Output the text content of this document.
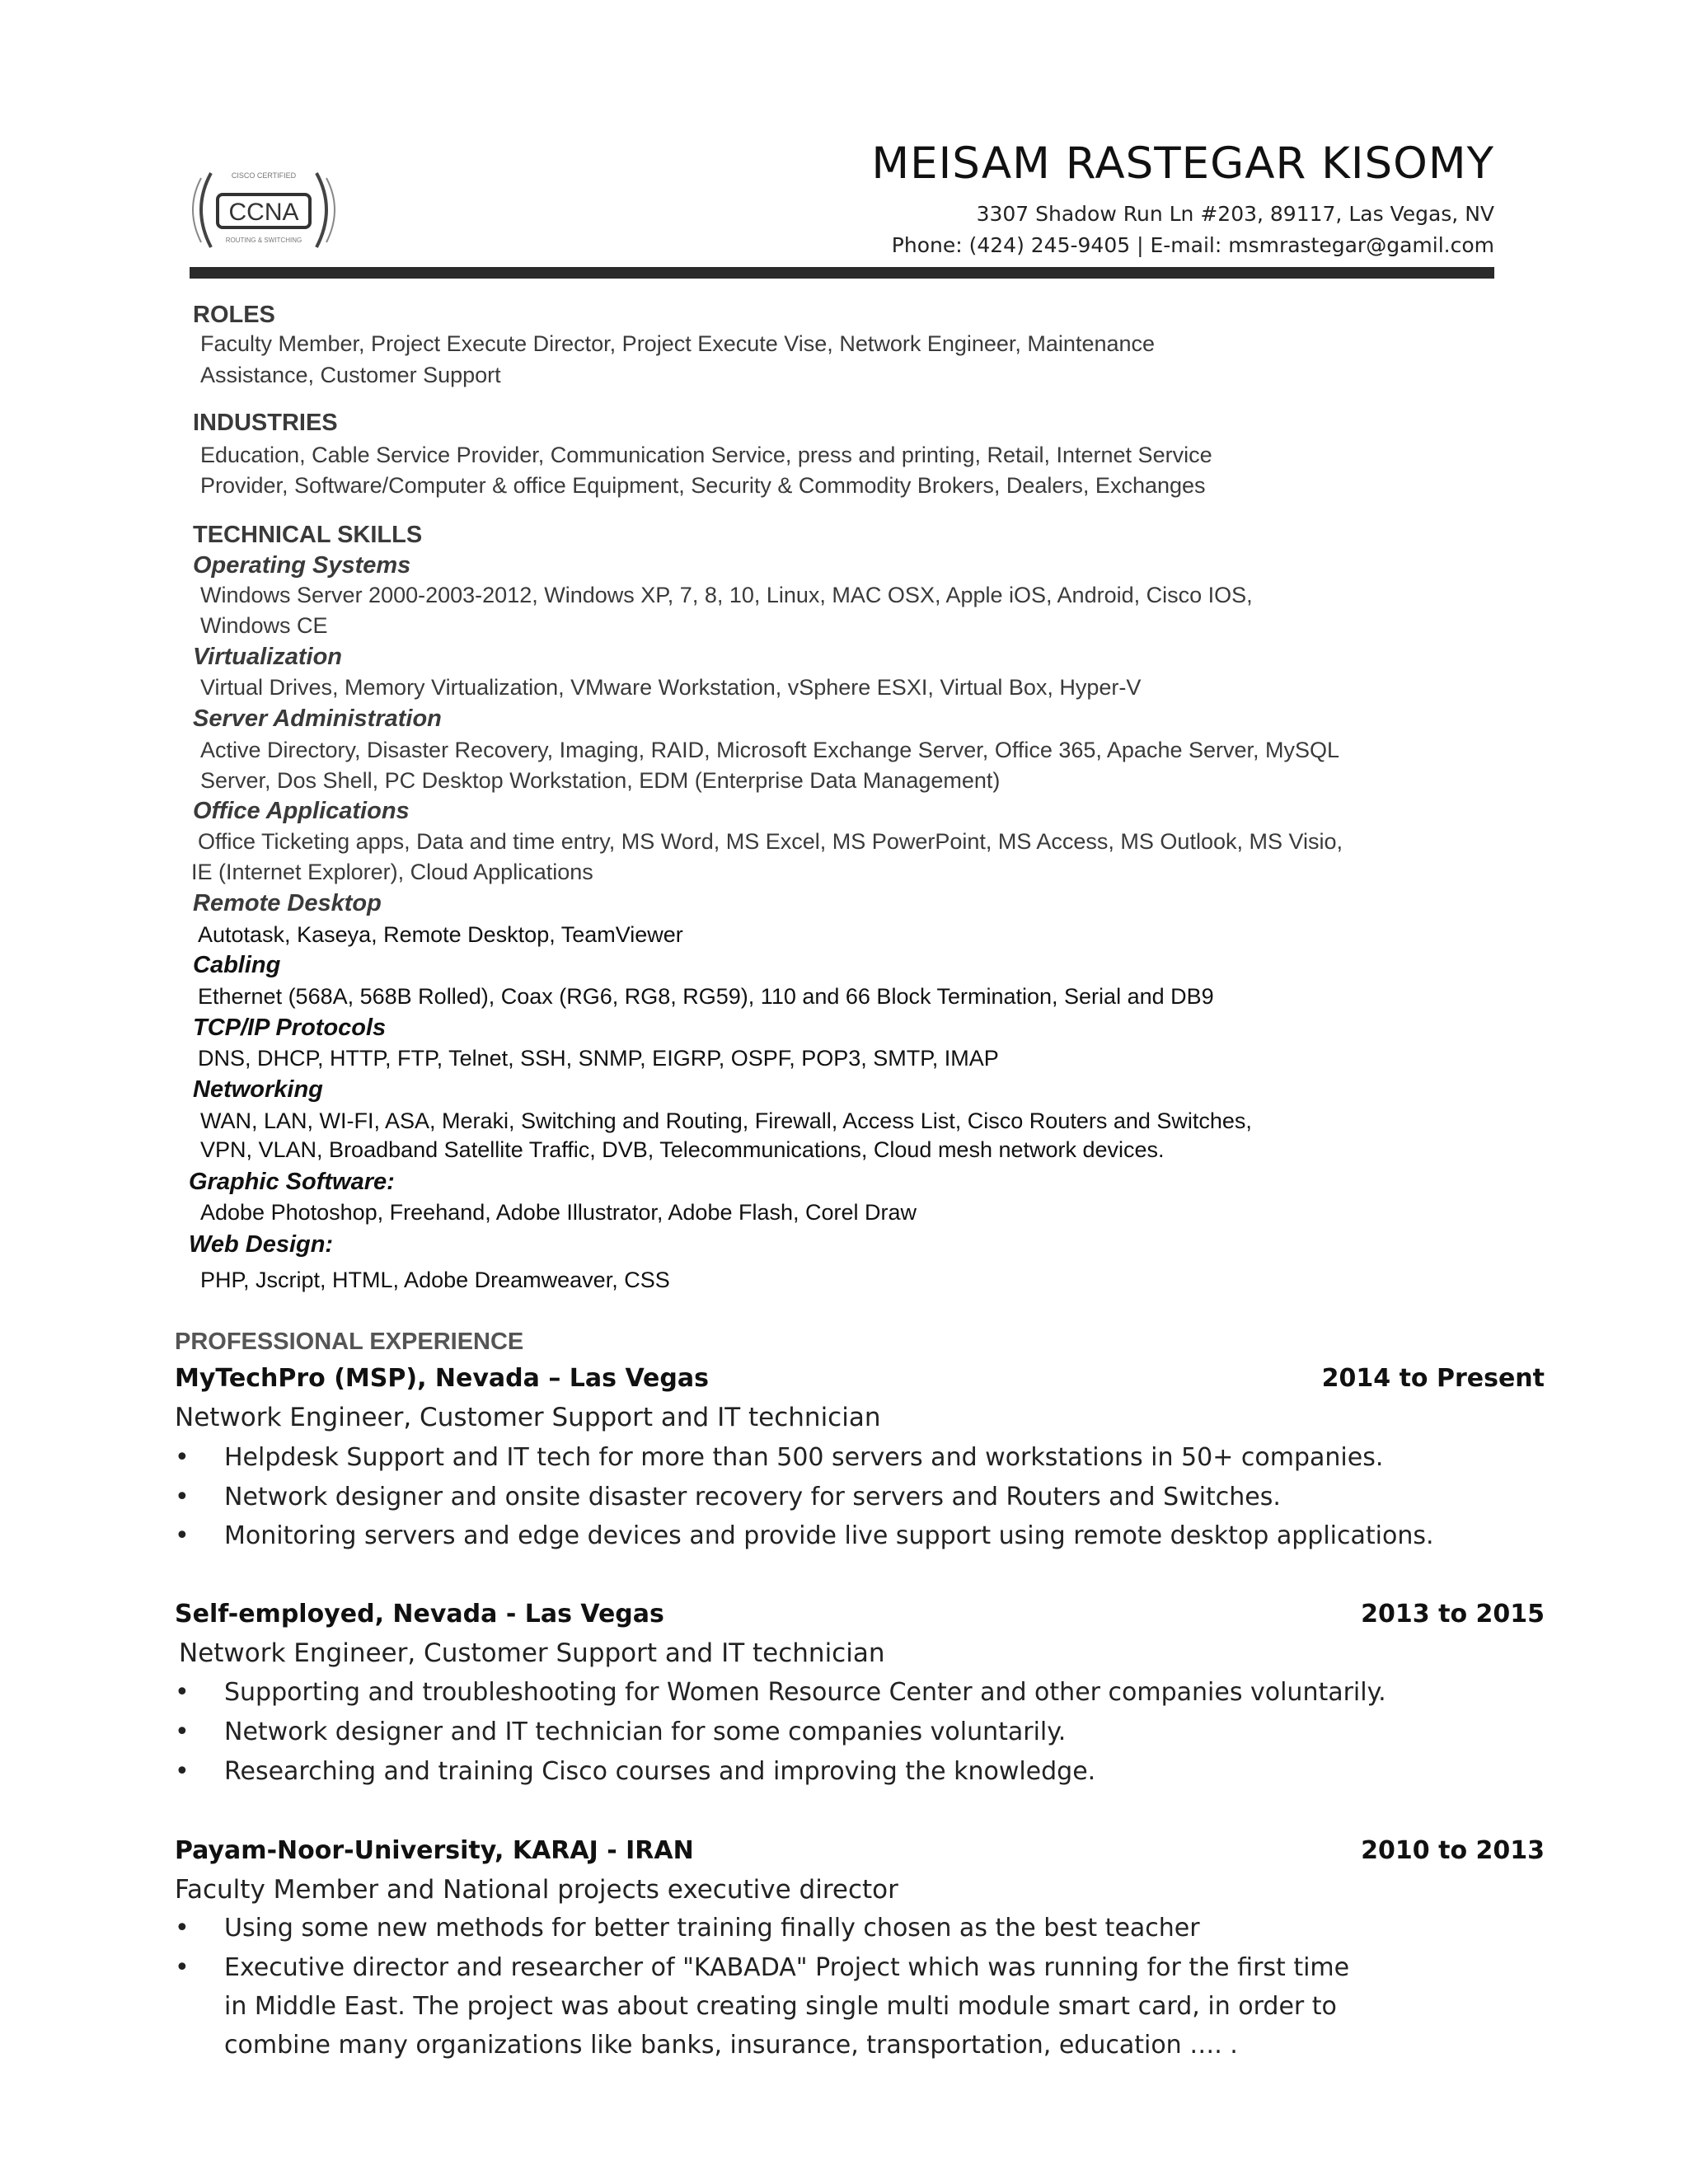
CCNA
CISCO CERTIFIED
ROUTING & SWITCHING
MEISAM RASTEGAR KISOMY
3307 Shadow Run Ln #203, 89117, Las Vegas, NV
Phone: (424) 245-9405 | E-mail: msmrastegar@gamil.com
ROLES
Faculty Member, Project Execute Director, Project Execute Vise, Network Engineer, Maintenance
Assistance, Customer Support
INDUSTRIES
Education, Cable Service Provider, Communication Service, press and printing, Retail, Internet Service
Provider, Software/Computer & office Equipment, Security & Commodity Brokers, Dealers, Exchanges
TECHNICAL SKILLS
Operating Systems
Windows Server 2000-2003-2012, Windows XP, 7, 8, 10, Linux, MAC OSX, Apple iOS, Android, Cisco IOS,
Windows CE
Virtualization
Virtual Drives, Memory Virtualization, VMware Workstation, vSphere ESXI, Virtual Box, Hyper-V
Server Administration
Active Directory, Disaster Recovery, Imaging, RAID, Microsoft Exchange Server, Office 365, Apache Server, MySQL
Server, Dos Shell, PC Desktop Workstation, EDM (Enterprise Data Management)
Office Applications
Office Ticketing apps, Data and time entry, MS Word, MS Excel, MS PowerPoint, MS Access, MS Outlook, MS Visio,
IE (Internet Explorer), Cloud Applications
Remote Desktop
Autotask, Kaseya, Remote Desktop, TeamViewer
Cabling
Ethernet (568A, 568B Rolled), Coax (RG6, RG8, RG59), 110 and 66 Block Termination, Serial and DB9
TCP/IP Protocols
DNS, DHCP, HTTP, FTP, Telnet, SSH, SNMP, EIGRP, OSPF, POP3, SMTP, IMAP
Networking
WAN, LAN, WI-FI, ASA, Meraki, Switching and Routing, Firewall, Access List, Cisco Routers and Switches,
VPN, VLAN, Broadband Satellite Traffic, DVB, Telecommunications, Cloud mesh network devices.
Graphic Software:
Adobe Photoshop, Freehand, Adobe Illustrator, Adobe Flash, Corel Draw
Web Design:
PHP, Jscript, HTML, Adobe Dreamweaver, CSS
PROFESSIONAL EXPERIENCE
MyTechPro (MSP), Nevada – Las Vegas	2014 to Present
Network Engineer, Customer Support and IT technician
• Helpdesk Support and IT tech for more than 500 servers and workstations in 50+ companies.
• Network designer and onsite disaster recovery for servers and Routers and Switches.
• Monitoring servers and edge devices and provide live support using remote desktop applications.
Self-employed, Nevada - Las Vegas	2013 to 2015
Network Engineer, Customer Support and IT technician
• Supporting and troubleshooting for Women Resource Center and other companies voluntarily.
• Network designer and IT technician for some companies voluntarily.
• Researching and training Cisco courses and improving the knowledge.
Payam-Noor-University, KARAJ - IRAN	2010 to 2013
Faculty Member and National projects executive director
• Using some new methods for better training finally chosen as the best teacher
• Executive director and researcher of "KABADA" Project which was running for the first time
in Middle East. The project was about creating single multi module smart card, in order to
combine many organizations like banks, insurance, transportation, education …. .
